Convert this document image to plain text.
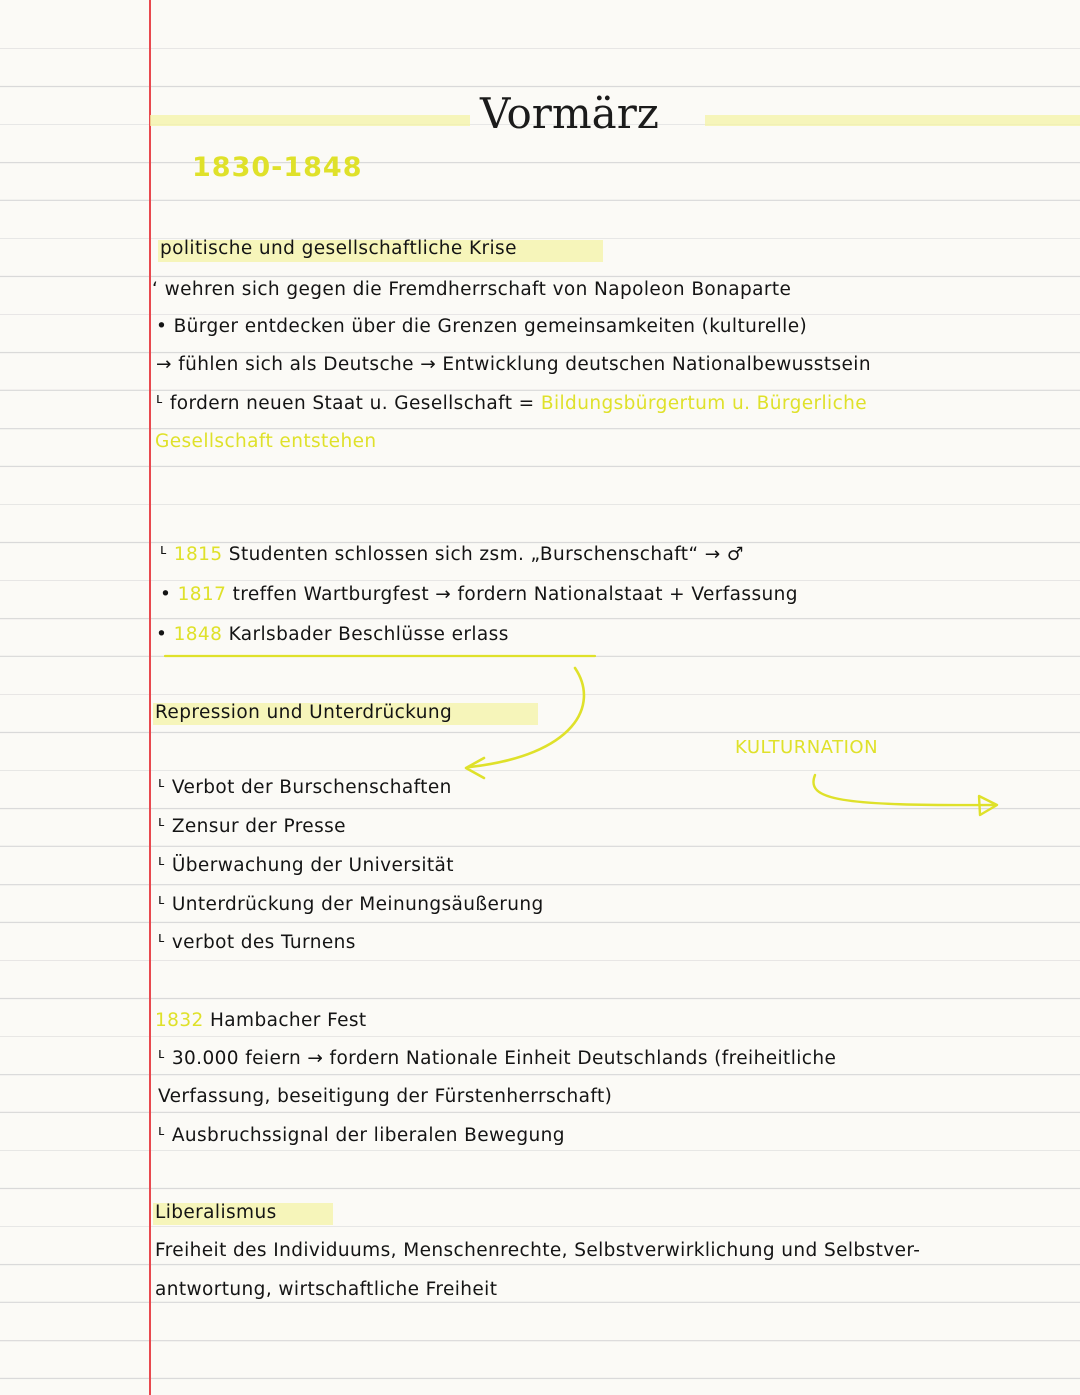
Vormärz
1830-1848
politische und gesellschaftliche Krise
ʻ wehren sich gegen die Fremdherrschaft von Napoleon Bonaparte
• Bürger entdecken über die Grenzen gemeinsamkeiten (kulturelle)
→ fühlen sich als Deutsche → Entwicklung deutschen Nationalbewusstsein
ᒻ fordern neuen Staat u. Gesellschaft = Bildungsbürgertum u. Bürgerliche
Gesellschaft entstehen
ᒻ 1815 Studenten schlossen sich zsm. „Burschenschaft“ → ♂
• 1817 treffen Wartburgfest → fordern Nationalstaat + Verfassung
• 1848 Karlsbader Beschlüsse erlass
Repression und Unterdrückung
KULTURNATION
ᒻ Verbot der Burschenschaften
ᒻ Zensur der Presse
ᒻ Überwachung der Universität
ᒻ Unterdrückung der Meinungsäußerung
ᒻ verbot des Turnens
1832 Hambacher Fest
ᒻ 30.000 feiern → fordern Nationale Einheit Deutschlands (freiheitliche
Verfassung, beseitigung der Fürstenherrschaft)
ᒻ Ausbruchssignal der liberalen Bewegung
Liberalismus
Freiheit des Individuums, Menschenrechte, Selbstverwirklichung und Selbstver-
antwortung, wirtschaftliche Freiheit
